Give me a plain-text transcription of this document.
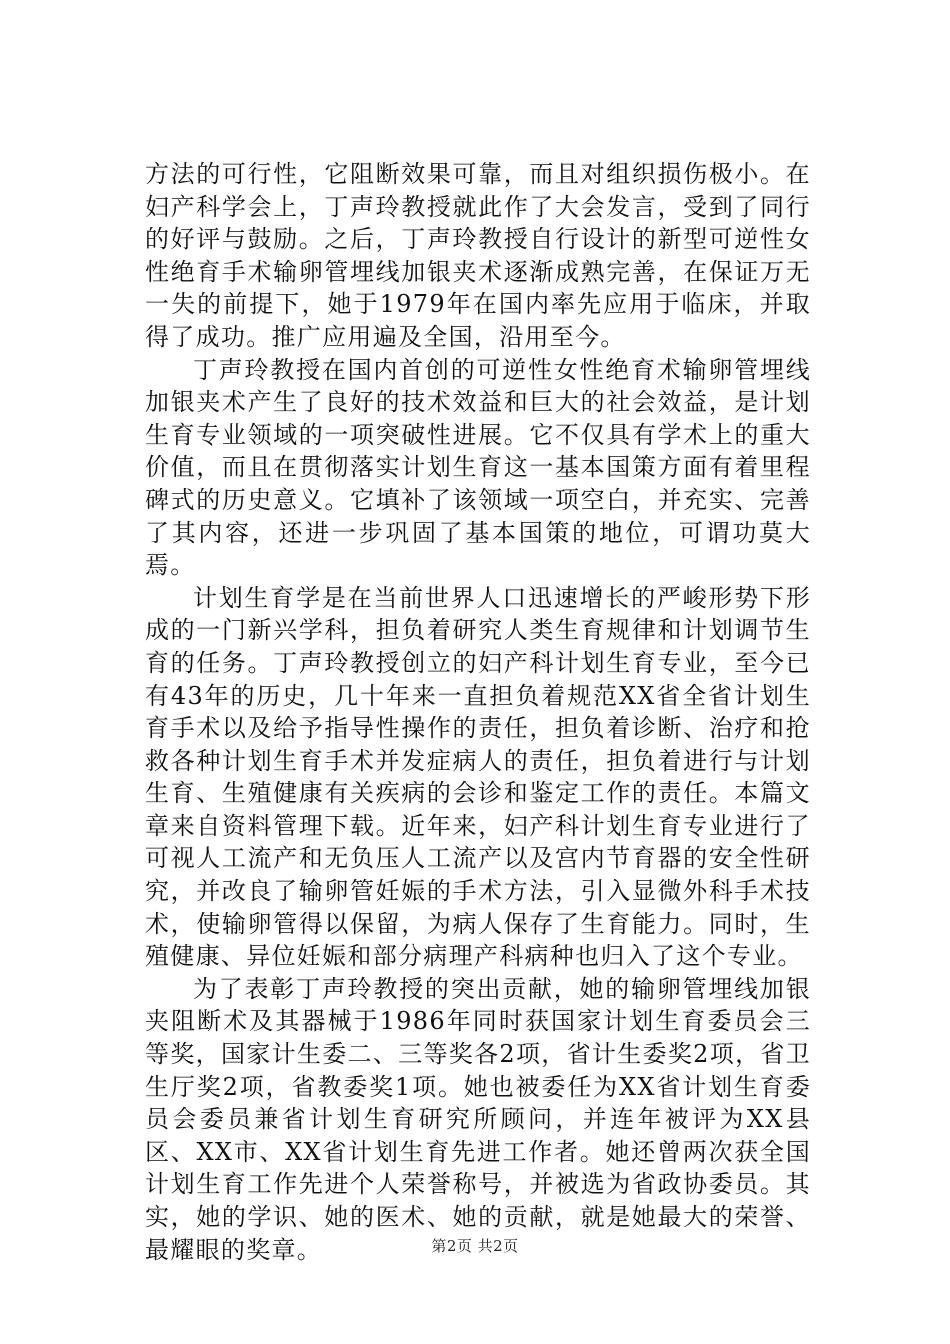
方法的可行性，它阻断效果可靠，而且对组织损伤极小。在妇产科学会上，丁声玲教授就此作了大会发言，受到了同行的好评与鼓励。之后，丁声玲教授自行设计的新型可逆性女性绝育手术输卵管埋线加银夹术逐渐成熟完善，在保证万无一失的前提下，她于1979年在国内率先应用于临床，并取得了成功。推广应用遍及全国，沿用至今。

丁声玲教授在国内首创的可逆性女性绝育术输卵管埋线加银夹术产生了良好的技术效益和巨大的社会效益，是计划生育专业领域的一项突破性进展。它不仅具有学术上的重大价值，而且在贯彻落实计划生育这一基本国策方面有着里程碑式的历史意义。它填补了该领域一项空白，并充实、完善了其内容，还进一步巩固了基本国策的地位，可谓功莫大焉。

计划生育学是在当前世界人口迅速增长的严峻形势下形成的一门新兴学科，担负着研究人类生育规律和计划调节生育的任务。丁声玲教授创立的妇产科计划生育专业，至今已有43年的历史，几十年来一直担负着规范XX省全省计划生育手术以及给予指导性操作的责任，担负着诊断、治疗和抢救各种计划生育手术并发症病人的责任，担负着进行与计划生育、生殖健康有关疾病的会诊和鉴定工作的责任。本篇文章来自资料管理下载。近年来，妇产科计划生育专业进行了可视人工流产和无负压人工流产以及宫内节育器的安全性研究，并改良了输卵管妊娠的手术方法，引入显微外科手术技术，使输卵管得以保留，为病人保存了生育能力。同时，生殖健康、异位妊娠和部分病理产科病种也归入了这个专业。

为了表彰丁声玲教授的突出贡献，她的输卵管埋线加银夹阻断术及其器械于1986年同时获国家计划生育委员会三等奖，国家计生委二、三等奖各2项，省计生委奖2项，省卫生厅奖2项，省教委奖1项。她也被委任为XX省计划生育委员会委员兼省计划生育研究所顾问，并连年被评为XX县区、XX市、XX省计划生育先进工作者。她还曾两次获全国计划生育工作先进个人荣誉称号，并被选为省政协委员。其实，她的学识、她的医术、她的贡献，就是她最大的荣誉、最耀眼的奖章。	第2页 共2页
